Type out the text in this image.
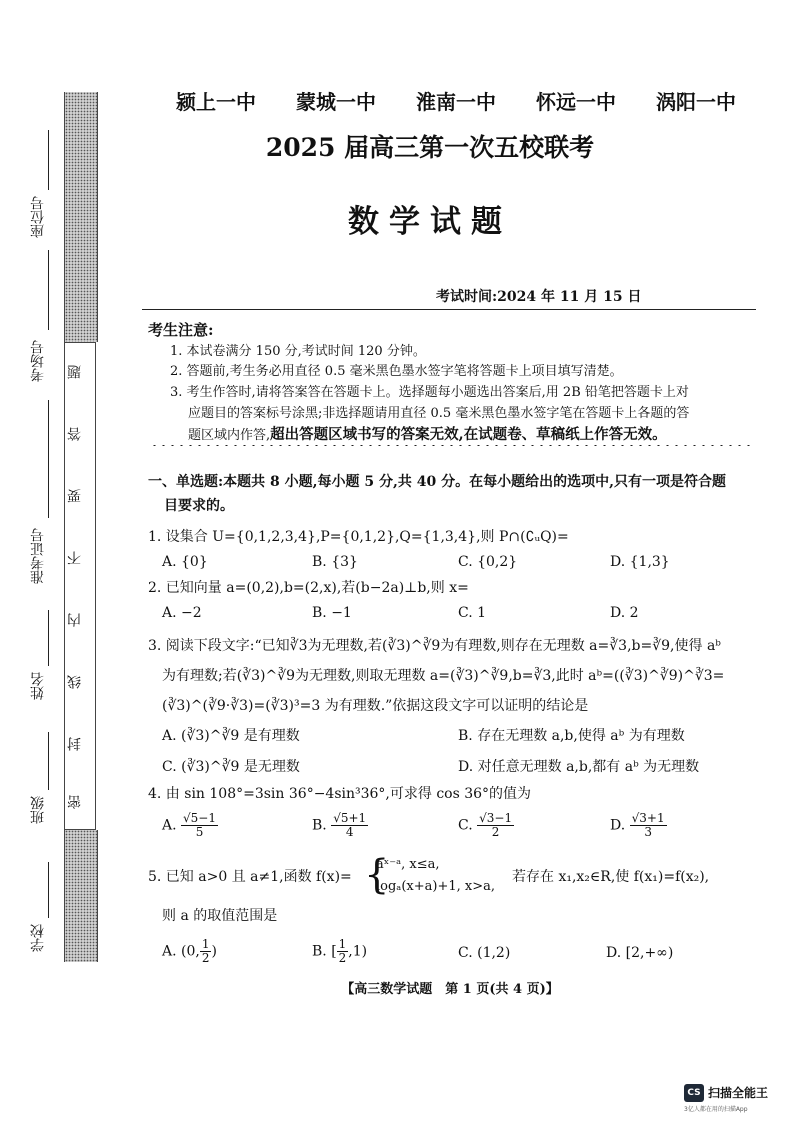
座位号
考场号
准考证号
姓名
班级
学校
题
答
要
不
内
线
封
密
颍上一中 蒙城一中 淮南一中 怀远一中 涡阳一中
2025 届高三第一次五校联考
数学试题
考试时间:2024 年 11 月 15 日
考生注意:
1. 本试卷满分 150 分,考试时间 120 分钟。
2. 答题前,考生务必用直径 0.5 毫米黑色墨水签字笔将答题卡上项目填写清楚。
3. 考生作答时,请将答案答在答题卡上。选择题每小题选出答案后,用 2B 铅笔把答题卡上对
应题目的答案标号涂黑;非选择题请用直径 0.5 毫米黑色墨水签字笔在答题卡上各题的答
题区域内作答,超出答题区域书写的答案无效,在试题卷、草稿纸上作答无效。
一、单选题:本题共 8 小题,每小题 5 分,共 40 分。在每小题给出的选项中,只有一项是符合题
目要求的。
1. 设集合 U={0,1,2,3,4},P={0,1,2},Q={1,3,4},则 P∩(∁ᵤQ)=
A. {0}	B. {3}	C. {0,2}	D. {1,3}
2. 已知向量 a=(0,2),b=(2,x),若(b−2a)⊥b,则 x=
A. −2	B. −1	C. 1	D. 2
3. 阅读下段文字:“已知∛3为无理数,若(∛3)^∛9为有理数,则存在无理数 a=∛3,b=∛9,使得 aᵇ
为有理数;若(∛3)^∛9为无理数,则取无理数 a=(∛3)^∛9,b=∛3,此时 aᵇ=((∛3)^∛9)^∛3=
(∛3)^(∛9·∛3)=(∛3)³=3 为有理数.”依据这段文字可以证明的结论是
A. (∛3)^∛9 是有理数	B. 存在无理数 a,b,使得 aᵇ 为有理数
C. (∛3)^∛9 是无理数	D. 对任意无理数 a,b,都有 aᵇ 为无理数
4. 由 sin 108°=3sin 36°−4sin³36°,可求得 cos 36°的值为
A. $\frac{√5-1}{5}$	B. $\frac{√5+1}{4}$	C. $\frac{√3-1}{2}$	D. $\frac{√3+1}{3}$
5. 已知 a>0 且 a≠1,函数 f(x)= {
aˣ⁻ᵃ, x≤a,
logₐ(x+a)+1, x>a,
若存在 x₁,x₂∈R,使 f(x₁)=f(x₂),
则 a 的取值范围是
A. (0, $\frac{1}{2}$ )	B. [ $\frac{1}{2} ,1$)	C. (1,2)	D. [2,+∞)
【高三数学试题　第 1 页(共 4 页)】
CS 扫描全能王
3亿人都在用的扫描App
